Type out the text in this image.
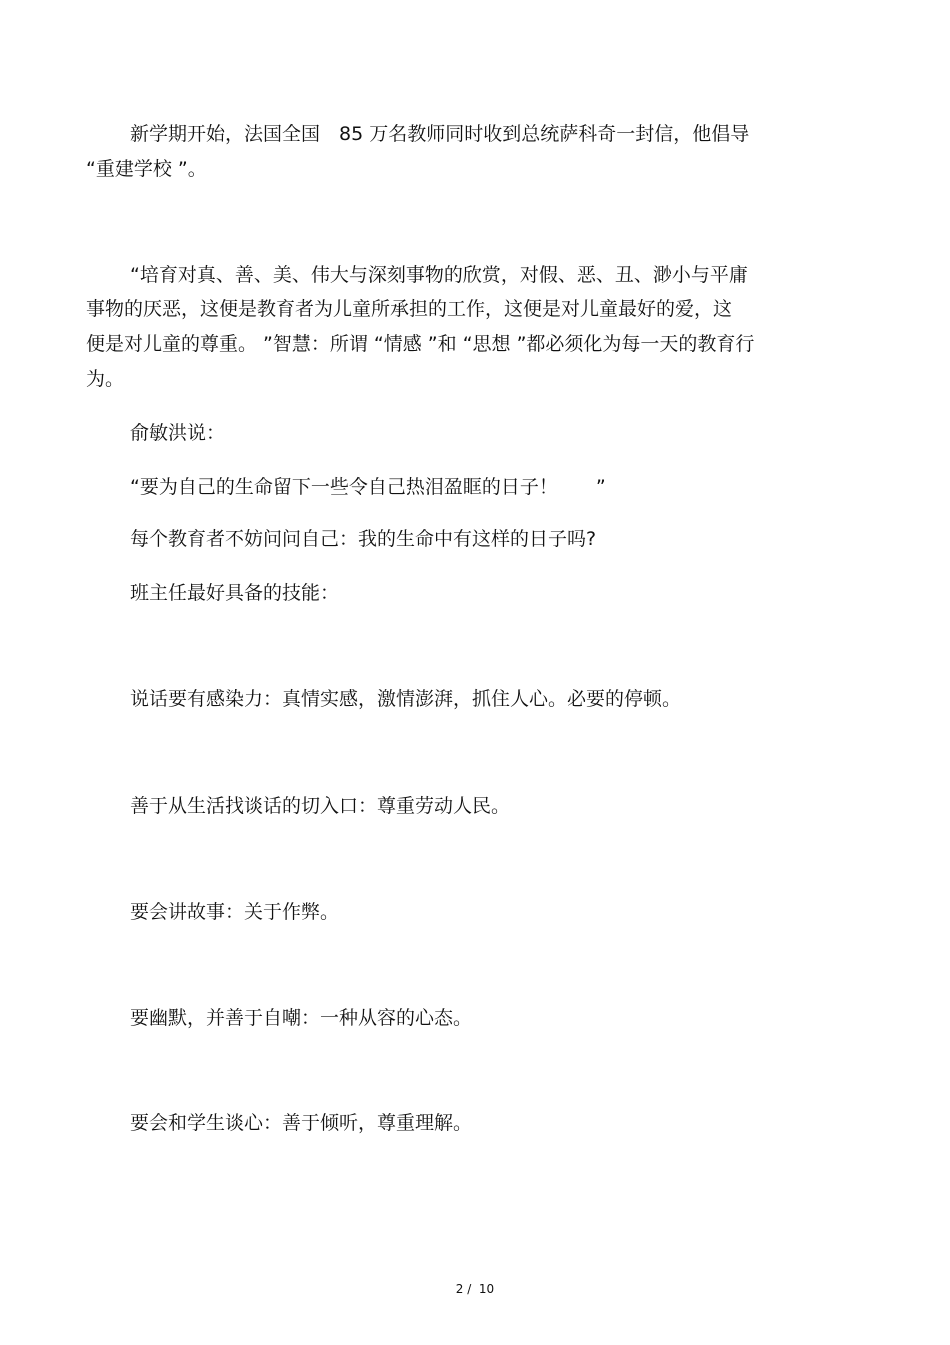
新学期开始，法国全国　85 万名教师同时收到总统萨科奇一封信，他倡导

“重建学校 ”。

“培育对真、善、美、伟大与深刻事物的欣赏，对假、恶、丑、渺小与平庸

事物的厌恶，这便是教育者为儿童所承担的工作，这便是对儿童最好的爱，这

便是对儿童的尊重。 ”智慧：所谓 “情感 ”和 “思想 ”都必须化为每一天的教育行

为。

俞敏洪说：

“要为自己的生命留下一些令自己热泪盈眶的日子！　　”

每个教育者不妨问问自己：我的生命中有这样的日子吗?

班主任最好具备的技能：

说话要有感染力：真情实感，激情澎湃，抓住人心。必要的停顿。

善于从生活找谈话的切入口：尊重劳动人民。

要会讲故事：关于作弊。

要幽默，并善于自嘲：一种从容的心态。

要会和学生谈心：善于倾听，尊重理解。

2 /  10
